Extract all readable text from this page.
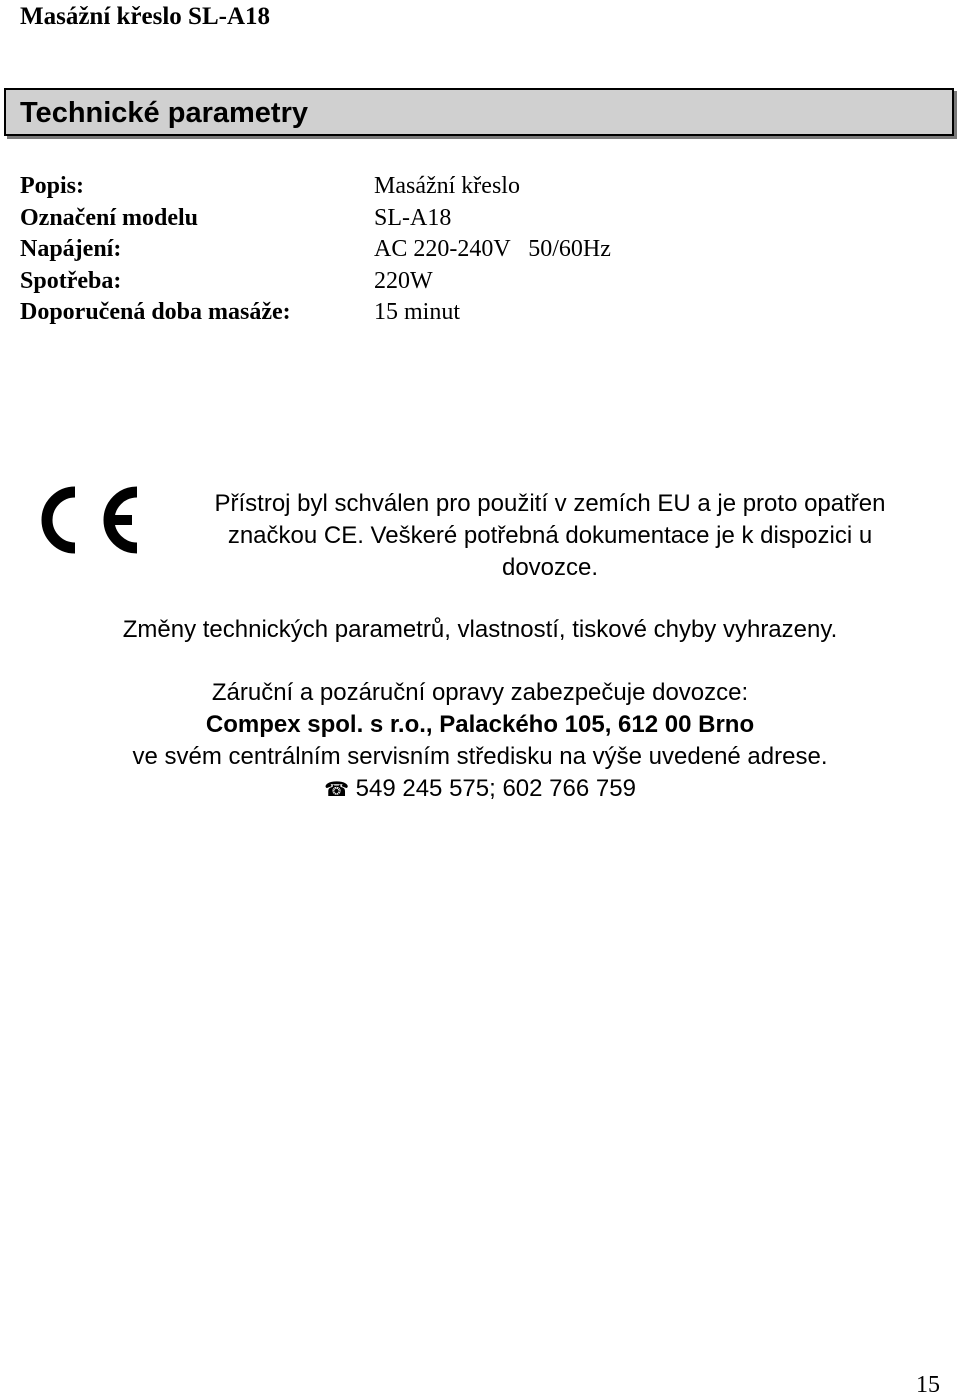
Masážní křeslo SL-A18
Technické parametry
Popis:	Masážní křeslo
Označení modelu	SL-A18
Napájení:	AC 220-240V   50/60Hz
Spotřeba:	220W
Doporučená doba masáže:	15 minut
Přístroj byl schválen pro použití v zemích EU a je proto opatřen
značkou CE. Veškeré potřebná dokumentace je k dispozici u
dovozce.
Změny technických parametrů, vlastností, tiskové chyby vyhrazeny.
Záruční a pozáruční opravy zabezpečuje dovozce:
Compex spol. s r.o., Palackého 105, 612 00 Brno
ve svém centrálním servisním středisku na výše uvedené adrese.
☎ 549 245 575; 602 766 759
15
